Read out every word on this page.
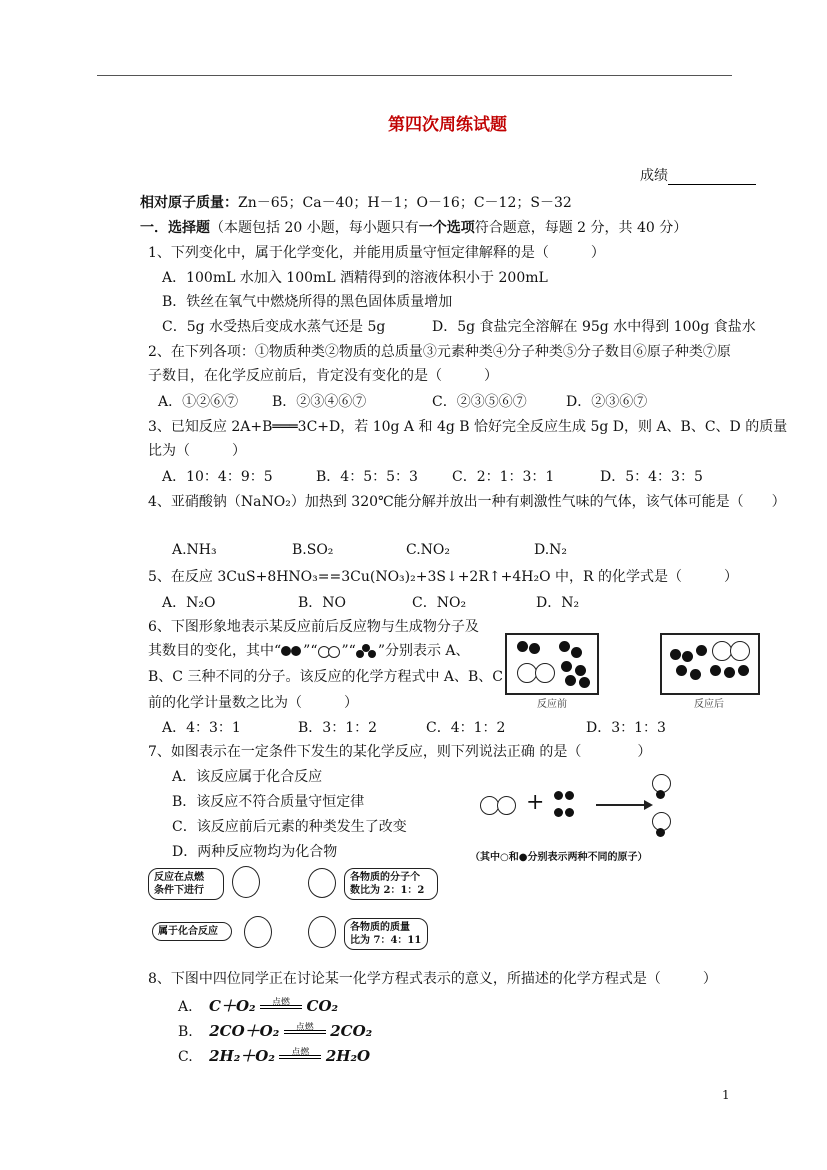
第四次周练试题
成绩
相对原子质量：Zn－65；Ca－40；H－1；O－16；C－12；S－32
一．选择题（本题包括 20 小题，每小题只有一个选项符合题意，每题 2 分，共 40 分）
1、下列变化中，属于化学变化，并能用质量守恒定律解释的是（　　　）
A．100mL 水加入 100mL 酒精得到的溶液体积小于 200mL
B．铁丝在氧气中燃烧所得的黑色固体质量增加
C．5g 水受热后变成水蒸气还是 5g	D．5g 食盐完全溶解在 95g 水中得到 100g 食盐水
2、在下列各项：①物质种类②物质的总质量③元素种类④分子种类⑤分子数目⑥原子种类⑦原
子数目，在化学反应前后，肯定没有变化的是（　　　）
A．①②⑥⑦ B．②③④⑥⑦	C．②③⑤⑥⑦	D．②③⑥⑦
3、已知反应 2A+B═══3C+D，若 10g A 和 4g B 恰好完全反应生成 5g D，则 A、B、C、D 的质量
比为（　　　）
A．10：4：9：5	B．4：5：5：3 C．2：1：3：1	D．5：4：3：5
4、亚硝酸钠（NaNO₂）加热到 320℃能分解并放出一种有刺激性气味的气体，该气体可能是（　　）
A.NH₃	B.SO₂	C.NO₂	D.N₂
5、在反应 3CuS+8HNO₃==3Cu(NO₃)₂+3S↓+2R↑+4H₂O 中，R 的化学式是（　　　）
A．N₂O	B．NO	C．NO₂	D．N₂
6、下图形象地表示某反应前后反应物与生成物分子及
其数目的变化，其中“ ”“ ”“ ”分别表示 A、
B、C 三种不同的分子。该反应的化学方程式中 A、B、C
前的化学计量数之比为（　　　）	反应前	反应后
A．4：3：1	B．3：1：2	C．4：1：2	D．3：1：3
7、如图表示在一定条件下发生的某化学反应，则下列说法正确 的是（　　　　）
A．该反应属于化合反应
B．该反应不符合质量守恒定律
C．该反应前后元素的种类发生了改变
D．两种反应物均为化合物
+
（其中○和●分别表示两种不同的原子）
反应在点燃
条件下进行
各物质的分子个
数比为 2：1：2
属于化合反应	各物质的质量
比为 7：4：11
8、下图中四位同学正在讨论某一化学方程式表示的意义，所描述的化学方程式是（　　　）
A. C＋O₂	点燃	CO₂
B. 2CO＋O₂	点燃	2CO₂
C. 2H₂＋O₂	点燃	2H₂O
1
